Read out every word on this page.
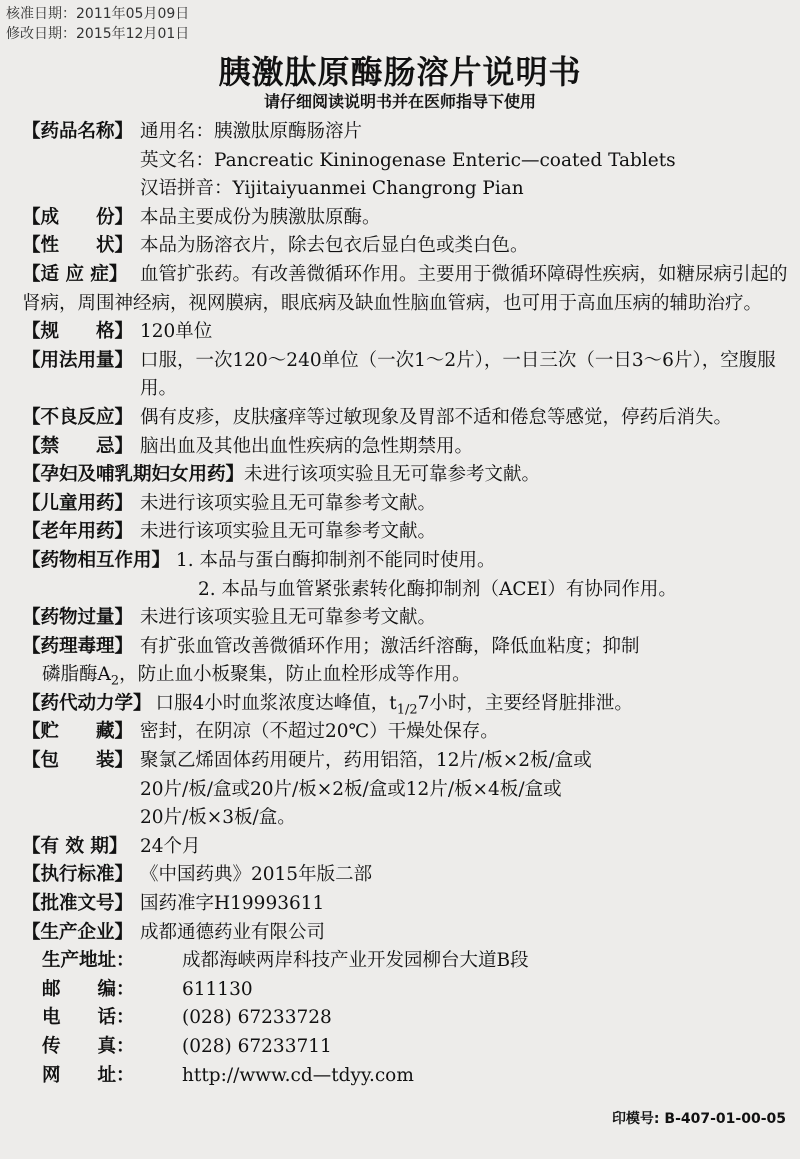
核准日期：2011年05月09日
修改日期：2015年12月01日
胰激肽原酶肠溶片说明书
请仔细阅读说明书并在医师指导下使用
【药品名称】 通用名：胰激肽原酶肠溶片
英文名：Pancreatic Kininogenase Enteric—coated Tablets
汉语拼音：Yijitaiyuanmei Changrong Pian
【成　　份】 本品主要成份为胰激肽原酶。
【性　　状】 本品为肠溶衣片，除去包衣后显白色或类白色。
【适 应 症】 血管扩张药。有改善微循环作用。主要用于微循环障碍性疾病，如糖尿病引起的肾病，周围神经病，视网膜病，眼底病及缺血性脑血管病，也可用于高血压病的辅助治疗。
【规　　格】 120单位
【用法用量】 口服，一次120～240单位（一次1～2片），一日三次（一日3～6片），空腹服用。
【不良反应】 偶有皮疹，皮肤瘙痒等过敏现象及胃部不适和倦怠等感觉，停药后消失。
【禁　　忌】 脑出血及其他出血性疾病的急性期禁用。
【孕妇及哺乳期妇女用药】 未进行该项实验且无可靠参考文献。
【儿童用药】 未进行该项实验且无可靠参考文献。
【老年用药】 未进行该项实验且无可靠参考文献。
【药物相互作用】 1. 本品与蛋白酶抑制剂不能同时使用。
2. 本品与血管紧张素转化酶抑制剂（ACEI）有协同作用。
【药物过量】 未进行该项实验且无可靠参考文献。
【药理毒理】 有扩张血管改善微循环作用；激活纤溶酶，降低血粘度；抑制
磷脂酶$A_2$，防止血小板聚集，防止血栓形成等作用。
【药代动力学】 口服4小时血浆浓度达峰值，$t_{1/2}7$小时，主要经肾脏排泄。
【贮　　藏】 密封，在阴凉（不超过20℃）干燥处保存。
【包　　装】 聚氯乙烯固体药用硬片，药用铝箔，12片/板×2板/盒或
20片/板/盒或20片/板×2板/盒或12片/板×4板/盒或
20片/板×3板/盒。
【有 效 期】 24个月
【执行标准】 《中国药典》2015年版二部
【批准文号】 国药准字H19993611
【生产企业】 成都通德药业有限公司
生产地址：	成都海峡两岸科技产业开发园柳台大道B段
邮　　编：	611130
电　　话：	(028) 67233728
传　　真：	(028) 67233711
网　　址：	http://www.cd—tdyy.com
印模号: B-407-01-00-05
